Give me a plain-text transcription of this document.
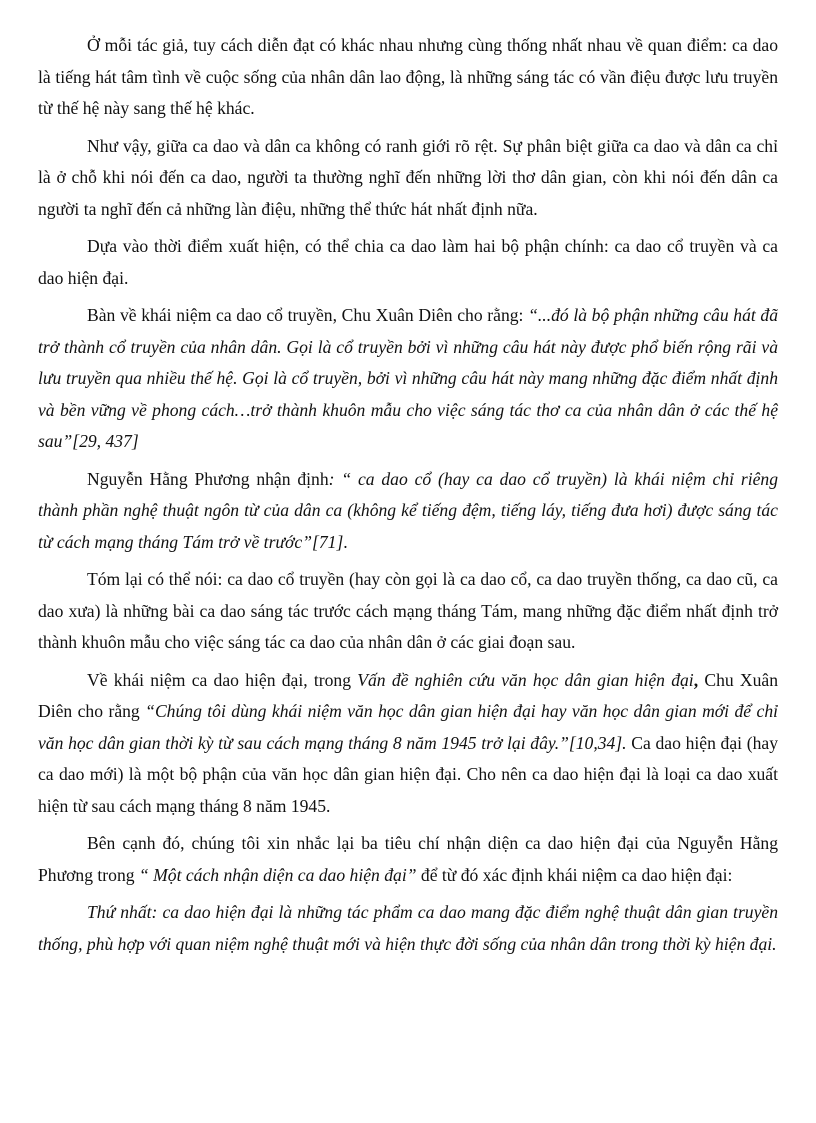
Ở mỗi tác giả, tuy cách diễn đạt có khác nhau nhưng cùng thống nhất nhau về quan điểm: ca dao là tiếng hát tâm tình về cuộc sống của nhân dân lao động, là những sáng tác có vần điệu được lưu truyền từ thế hệ này sang thế hệ khác.

Như vậy, giữa ca dao và dân ca không có ranh giới rõ rệt. Sự phân biệt giữa ca dao và dân ca chỉ là ở chỗ khi nói đến ca dao, người ta thường nghĩ đến những lời thơ dân gian, còn khi nói đến dân ca người ta nghĩ đến cả những làn điệu, những thể thức hát nhất định nữa.

Dựa vào thời điểm xuất hiện, có thể chia ca dao làm hai bộ phận chính: ca dao cổ truyền và ca dao hiện đại.

Bàn về khái niệm ca dao cổ truyền, Chu Xuân Diên cho rằng: “...đó là bộ phận những câu hát đã trở thành cổ truyền của nhân dân. Gọi là cổ truyền bởi vì những câu hát này được phổ biến rộng rãi và lưu truyền qua nhiều thế hệ. Gọi là cổ truyền, bởi vì những câu hát này mang những đặc điểm nhất định và bền vững về phong cách…trở thành khuôn mẫu cho việc sáng tác thơ ca của nhân dân ở các thế hệ sau”[29, 437]

Nguyễn Hằng Phương nhận định: “ ca dao cổ (hay ca dao cổ truyền) là khái niệm chỉ riêng thành phần nghệ thuật ngôn từ của dân ca (không kể tiếng đệm, tiếng láy, tiếng đưa hơi) được sáng tác từ cách mạng tháng Tám trở về trước”[71].

Tóm lại có thể nói: ca dao cổ truyền (hay còn gọi là ca dao cổ, ca dao truyền thống, ca dao cũ, ca dao xưa) là những bài ca dao sáng tác trước cách mạng tháng Tám, mang những đặc điểm nhất định trở thành khuôn mẫu cho việc sáng tác ca dao của nhân dân ở các giai đoạn sau.

Về khái niệm ca dao hiện đại, trong Vấn đề nghiên cứu văn học dân gian hiện đại, Chu Xuân Diên cho rằng “Chúng tôi dùng khái niệm văn học dân gian hiện đại hay văn học dân gian mới để chỉ văn học dân gian thời kỳ từ sau cách mạng tháng 8 năm 1945 trở lại đây.”[10,34]. Ca dao hiện đại (hay ca dao mới) là một bộ phận của văn học dân gian hiện đại. Cho nên ca dao hiện đại là loại ca dao xuất hiện từ sau cách mạng tháng 8 năm 1945.

Bên cạnh đó, chúng tôi xin nhắc lại ba tiêu chí nhận diện ca dao hiện đại của Nguyễn Hằng Phương trong “ Một cách nhận diện ca dao hiện đại” để từ đó xác định khái niệm ca dao hiện đại:

Thứ nhất: ca dao hiện đại là những tác phẩm ca dao mang đặc điểm nghệ thuật dân gian truyền thống, phù hợp với quan niệm nghệ thuật mới và hiện thực đời sống của nhân dân trong thời kỳ hiện đại.
